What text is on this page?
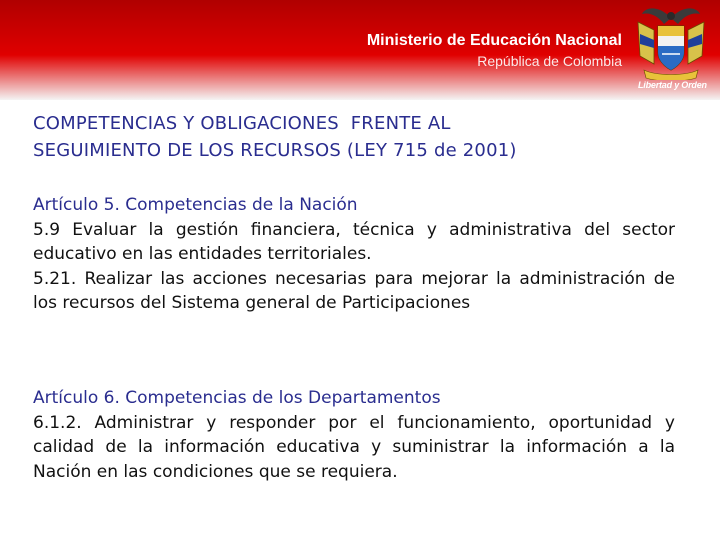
Ministerio de Educación Nacional
República de Colombia
Libertad y Orden
COMPETENCIAS Y OBLIGACIONES  FRENTE AL
SEGUIMIENTO DE LOS RECURSOS (LEY 715 de 2001)
Artículo 5. Competencias de la Nación
5.9 Evaluar la gestión financiera, técnica y administrativa del sector educativo en las entidades territoriales.
5.21. Realizar las acciones necesarias para mejorar la administración de los recursos del Sistema general de Participaciones
Artículo 6. Competencias de los Departamentos
6.1.2. Administrar y responder por el funcionamiento, oportunidad y calidad de la información educativa y suministrar la información a la Nación en las condiciones que se requiera.
